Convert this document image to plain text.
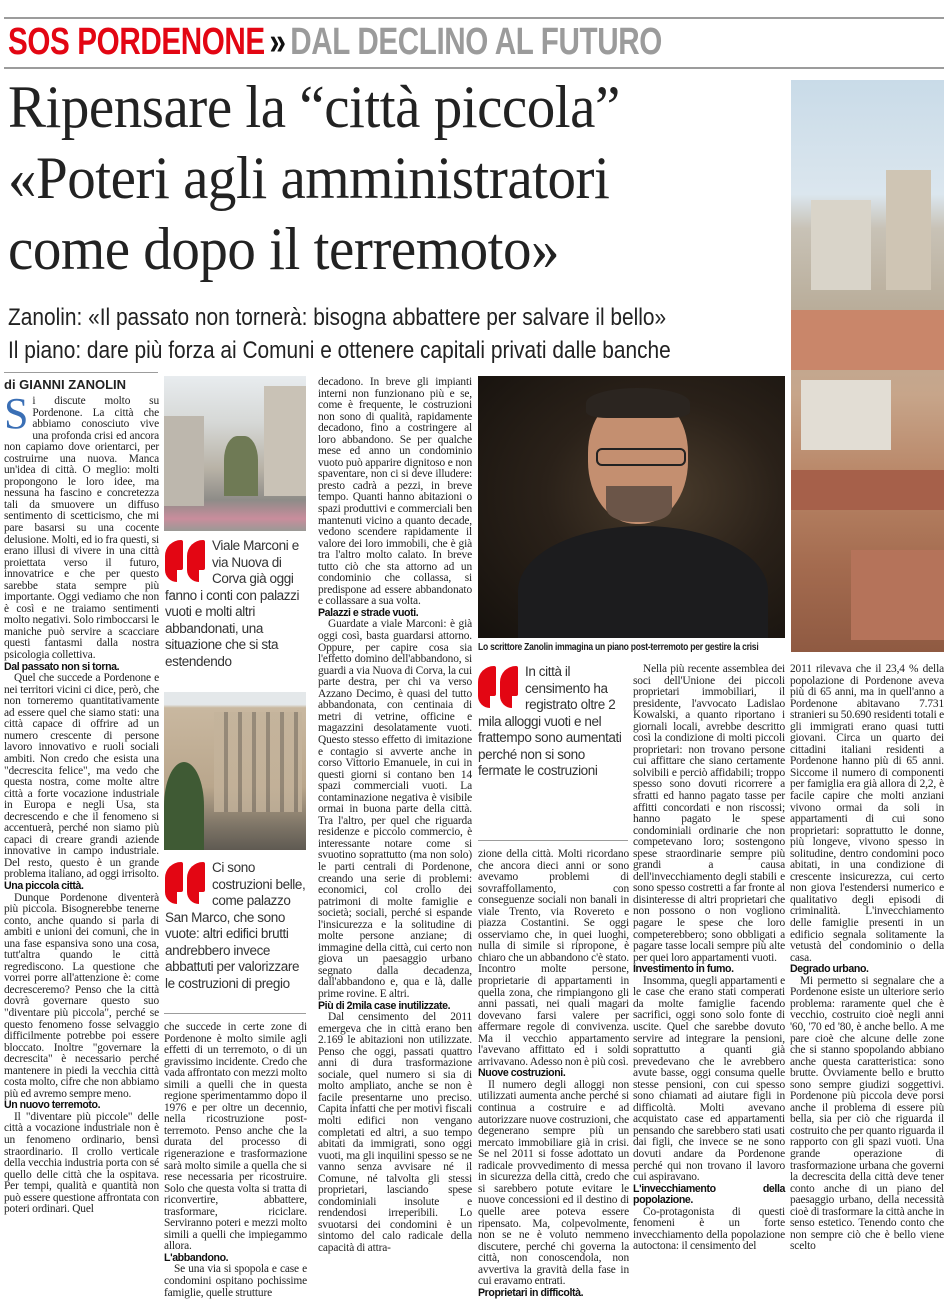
SOS PORDENONE » DAL DECLINO AL FUTURO
Ripensare la “città piccola”
«Poteri agli amministratori
come dopo il terremoto»
Zanolin: «Il passato non tornerà: bisogna abbattere per salvare il bello»
Il piano: dare più forza ai Comuni e ottenere capitali privati dalle banche
di GIANNI ZANOLIN
Viale Marconi e via Nuova di Corva già oggi fanno i conti con palazzi vuoti e molti altri abbandonati, una situazione che si sta estendendo
Ci sono costruzioni belle, come palazzo San Marco, che sono vuote: altri edifici brutti andrebbero invece abbattuti per valorizzare le costruzioni di pregio
Lo scrittore Zanolin immagina un piano post-terremoto per gestire la crisi
In città il censimento ha registrato oltre 2 mila alloggi vuoti e nel frattempo sono aumentati perché non si sono fermate le costruzioni

Si discute molto su Pordenone. La città che abbiamo conosciuto vive una profonda crisi ed ancora non capiamo dove orientarci, per costruirne una nuova. Manca un'idea di città. O meglio: molti propongono le loro idee, ma nessuna ha fascino e concretezza tali da smuovere un diffuso sentimento di scetticismo, che mi pare basarsi su una cocente delusione. Molti, ed io fra questi, si erano illusi di vivere in una città proiettata verso il futuro, innovatrice e che per questo sarebbe stata sempre più importante. Oggi vediamo che non è così e ne traiamo sentimenti molto negativi. Solo rimboccarsi le maniche può servire a scacciare questi fantasmi dalla nostra psicologia collettiva.

Dal passato non si torna.

Quel che succede a Pordenone e nei territori vicini ci dice, però, che non torneremo quantitativamente ad essere quel che siamo stati: una città capace di offrire ad un numero crescente di persone lavoro innovativo e ruoli sociali ambiti. Non credo che esista una "decrescita felice", ma vedo che questa nostra, come molte altre città a forte vocazione industriale in Europa e negli Usa, sta decrescendo e che il fenomeno si accentuerà, perché non siamo più capaci di creare grandi aziende innovative in campo industriale. Del resto, questo è un grande problema italiano, ad oggi irrisolto.

Una piccola città.

Dunque Pordenone diventerà più piccola. Bisognerebbe tenerne conto, anche quando si parla di ambiti e unioni dei comuni, che in una fase espansiva sono una cosa, tutt'altra quando le città regrediscono. La questione che vorrei porre all'attenzione è: come decresceremo? Penso che la città dovrà governare questo suo "diventare più piccola", perché se questo fenomeno fosse selvaggio difficilmente potrebbe poi essere bloccato. Inoltre "governare la decrescita" è necessario perché mantenere in piedi la vecchia città costa molto, cifre che non abbiamo più ed avremo sempre meno.

Un nuovo terremoto.

Il "diventare più piccole" delle città a vocazione industriale non è un fenomeno ordinario, bensì straordinario. Il crollo verticale della vecchia industria porta con sé quello delle città che la ospitava. Per tempi, qualità e quantità non può essere questione affrontata con poteri ordinari. Quel

che succede in certe zone di Pordenone è molto simile agli effetti di un terremoto, o di un gravissimo incidente. Credo che vada affrontato con mezzi molto simili a quelli che in questa regione sperimentammo dopo il 1976 e per oltre un decennio, nella ricostruzione post-terremoto. Penso anche che la durata del processo di rigenerazione e trasformazione sarà molto simile a quella che si rese necessaria per ricostruire. Solo che questa volta si tratta di riconvertire, abbattere, trasformare, riciclare. Serviranno poteri e mezzi molto simili a quelli che impiegammo allora.

L'abbandono.

Se una via si spopola e case e condomini ospitano pochissime famiglie, quelle strutture

decadono. In breve gli impianti interni non funzionano più e se, come è frequente, le costruzioni non sono di qualità, rapidamente decadono, fino a costringere al loro abbandono. Se per qualche mese ed anno un condominio vuoto può apparire dignitoso e non spaventare, non ci si deve illudere: presto cadrà a pezzi, in breve tempo. Quanti hanno abitazioni o spazi produttivi e commerciali ben mantenuti vicino a quanto decade, vedono scendere rapidamente il valore dei loro immobili, che è già tra l'altro molto calato. In breve tutto ciò che sta attorno ad un condominio che collassa, si predispone ad essere abbandonato e collassare a sua volta.

Palazzi e strade vuoti.

Guardate a viale Marconi: è già oggi così, basta guardarsi attorno. Oppure, per capire cosa sia l'effetto domino dell'abbandono, si guardi a via Nuova di Corva, la cui parte destra, per chi va verso Azzano Decimo, è quasi del tutto abbandonata, con centinaia di metri di vetrine, officine e magazzini desolatamente vuoti. Questo stesso effetto di imitazione e contagio si avverte anche in corso Vittorio Emanuele, in cui in questi giorni si contano ben 14 spazi commerciali vuoti. La contaminazione negativa è visibile ormai in buona parte della città. Tra l'altro, per quel che riguarda residenze e piccolo commercio, è interessante notare come si svuotino soprattutto (ma non solo) le parti centrali di Pordenone, creando una serie di problemi: economici, col crollo dei patrimoni di molte famiglie e società; sociali, perché si espande l'insicurezza e la solitudine di molte persone anziane; di immagine della città, cui certo non giova un paesaggio urbano segnato dalla decadenza, dall'abbandono e, qua e là, dalle prime rovine. E altri.

Più di 2mila case inutilizzate.

Dal censimento del 2011 emergeva che in città erano ben 2.169 le abitazioni non utilizzate. Penso che oggi, passati quattro anni di dura trasformazione sociale, quel numero si sia di molto ampliato, anche se non è facile presentarne uno preciso. Capita infatti che per motivi fiscali molti edifici non vengano completati ed altri, a suo tempo abitati da immigrati, sono oggi vuoti, ma gli inquilini spesso se ne vanno senza avvisare né il Comune, né talvolta gli stessi proprietari, lasciando spese condominiali insolute e rendendosi irreperibili. Lo svuotarsi dei condomini è un sintomo del calo radicale della capacità di attra-

zione della città. Molti ricordano che ancora dieci anni or sono avevamo problemi di sovraffollamento, con conseguenze sociali non banali in viale Trento, via Rovereto e piazza Costantini. Se oggi osserviamo che, in quei luoghi, nulla di simile si ripropone, è chiaro che un abbandono c'è stato. Incontro molte persone, proprietarie di appartamenti in quella zona, che rimpiangono gli anni passati, nei quali magari dovevano farsi valere per affermare regole di convivenza. Ma il vecchio appartamento l'avevano affittato ed i soldi arrivavano. Adesso non è più così.

Nuove costruzioni.

Il numero degli alloggi non utilizzati aumenta anche perché si continua a costruire e ad autorizzare nuove costruzioni, che degenerano sempre più un mercato immobiliare già in crisi. Se nel 2011 si fosse adottato un radicale provvedimento di messa in sicurezza della città, credo che si sarebbero potute evitare le nuove concessioni ed il destino di quelle aree poteva essere ripensato. Ma, colpevolmente, non se ne è voluto nemmeno discutere, perché chi governa la città, non conoscendola, non avvertiva la gravità della fase in cui eravamo entrati.

Proprietari in difficoltà.

Nella più recente assemblea dei soci dell'Unione dei piccoli proprietari immobiliari, il presidente, l'avvocato Ladislao Kowalski, a quanto riportano i giornali locali, avrebbe descritto così la condizione di molti piccoli proprietari: non trovano persone cui affittare che siano certamente solvibili e perciò affidabili; troppo spesso sono dovuti ricorrere a sfratti ed hanno pagato tasse per affitti concordati e non riscossi; hanno pagato le spese condominiali ordinarie che non competevano loro; sostengono spese straordinarie sempre più grandi a causa dell'invecchiamento degli stabili e sono spesso costretti a far fronte al disinteresse di altri proprietari che non possono o non vogliono pagare le spese che loro competerebbero; sono obbligati a pagare tasse locali sempre più alte per quei loro appartamenti vuoti.

Investimento in fumo.

Insomma, quegli appartamenti e le case che erano stati comperati da molte famiglie facendo sacrifici, oggi sono solo fonte di uscite. Quel che sarebbe dovuto servire ad integrare la pensioni, soprattutto a quanti già prevedevano che le avrebbero avute basse, oggi consuma quelle stesse pensioni, con cui spesso sono chiamati ad aiutare figli in difficoltà. Molti avevano acquistato case ed appartamenti pensando che sarebbero stati usati dai figli, che invece se ne sono dovuti andare da Pordenone perché qui non trovano il lavoro cui aspiravano.

L'invecchiamento della popolazione.

Co-protagonista di questi fenomeni è un forte invecchiamento della popolazione autoctona: il censimento del

2011 rilevava che il 23,4 % della popolazione di Pordenone aveva più di 65 anni, ma in quell'anno a Pordenone abitavano 7.731 stranieri su 50.690 residenti totali e gli immigrati erano quasi tutti giovani. Circa un quarto dei cittadini italiani residenti a Pordenone hanno più di 65 anni. Siccome il numero di componenti per famiglia era già allora di 2,2, è facile capire che molti anziani vivono ormai da soli in appartamenti di cui sono proprietari: soprattutto le donne, più longeve, vivono spesso in solitudine, dentro condomini poco abitati, in una condizione di crescente insicurezza, cui certo non giova l'estendersi numerico e qualitativo degli episodi di criminalità. L'invecchiamento delle famiglie presenti in un edificio segnala solitamente la vetustà del condominio o della casa.

Degrado urbano.

Mi permetto si segnalare che a Pordenone esiste un ulteriore serio problema: raramente quel che è vecchio, costruito cioè negli anni '60, '70 ed '80, è anche bello. A me pare cioè che alcune delle zone che si stanno spopolando abbiano anche questa caratteristica: sono brutte. Ovviamente bello e brutto sono sempre giudizi soggettivi. Pordenone più piccola deve porsi anche il problema di essere più bella, sia per ciò che riguarda il costruito che per quanto riguarda il rapporto con gli spazi vuoti. Una grande operazione di trasformazione urbana che governi la decrescita della città deve tener conto anche di un piano del paesaggio urbano, della necessità cioè di trasformare la città anche in senso estetico. Tenendo conto che non sempre ciò che è bello viene scelto
